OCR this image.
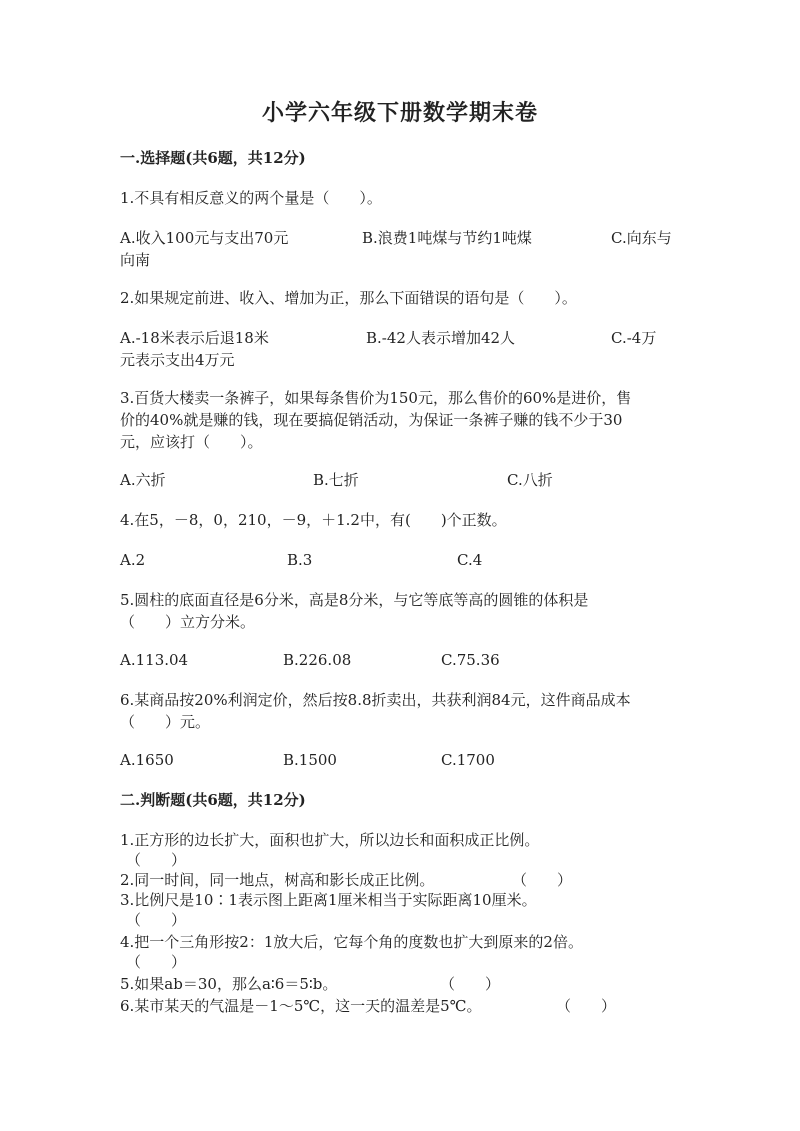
小学六年级下册数学期末卷
一.选择题(共6题，共12分)
1.不具有相反意义的两个量是（　　）。
A.收入100元与支出70元	B.浪费1吨煤与节约1吨煤	C.向东与
向南
2.如果规定前进、收入、增加为正，那么下面错误的语句是（　　）。
A.-18米表示后退18米	B.-42人表示增加42人	C.-4万
元表示支出4万元
3.百货大楼卖一条裤子，如果每条售价为150元，那么售价的60%是进价，售
价的40%就是赚的钱，现在要搞促销活动，为保证一条裤子赚的钱不少于30
元，应该打（　　）。
A.六折	B.七折	C.八折
4.在5，－8，0，210，－9，＋1.2中，有(　　)个正数。
A.2	B.3	C.4
5.圆柱的底面直径是6分米，高是8分米，与它等底等高的圆锥的体积是
（　　）立方分米。
A.113.04	B.226.08	C.75.36
6.某商品按20%利润定价，然后按8.8折卖出，共获利润84元，这件商品成本
（　　）元。
A.1650	B.1500	C.1700
二.判断题(共6题，共12分)
1.正方形的边长扩大，面积也扩大，所以边长和面积成正比例。
（　　）
2.同一时间，同一地点，树高和影长成正比例。	（　　）
3.比例尺是10∶1表示图上距离1厘米相当于实际距离10厘米。
（　　）
4.把一个三角形按2：1放大后，它每个角的度数也扩大到原来的2倍。
（　　）
5.如果ab＝30，那么a∶6＝5∶b。	（　　）
6.某市某天的气温是－1～5℃，这一天的温差是5℃。	（　　）
